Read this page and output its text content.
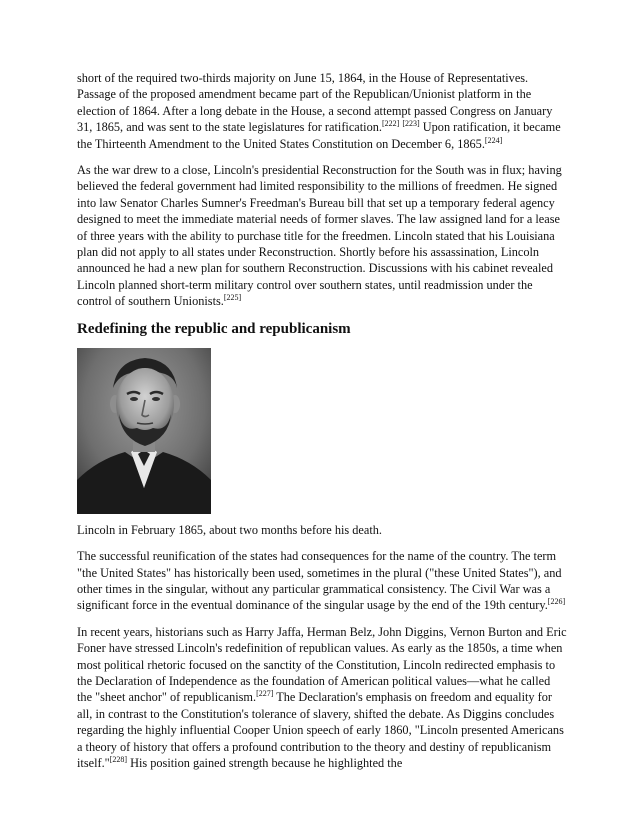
short of the required two-thirds majority on June 15, 1864, in the House of Representatives. Passage of the proposed amendment became part of the Republican/Unionist platform in the election of 1864. After a long debate in the House, a second attempt passed Congress on January 31, 1865, and was sent to the state legislatures for ratification.[222] [223] Upon ratification, it became the Thirteenth Amendment to the United States Constitution on December 6, 1865.[224]

As the war drew to a close, Lincoln's presidential Reconstruction for the South was in flux; having believed the federal government had limited responsibility to the millions of freedmen. He signed into law Senator Charles Sumner's Freedman's Bureau bill that set up a temporary federal agency designed to meet the immediate material needs of former slaves. The law assigned land for a lease of three years with the ability to purchase title for the freedmen. Lincoln stated that his Louisiana plan did not apply to all states under Reconstruction. Shortly before his assassination, Lincoln announced he had a new plan for southern Reconstruction. Discussions with his cabinet revealed Lincoln planned short-term military control over southern states, until readmission under the control of southern Unionists.[225]

Redefining the republic and republicanism

Lincoln in February 1865, about two months before his death.

The successful reunification of the states had consequences for the name of the country. The term "the United States" has historically been used, sometimes in the plural ("these United States"), and other times in the singular, without any particular grammatical consistency. The Civil War was a significant force in the eventual dominance of the singular usage by the end of the 19th century.[226]

In recent years, historians such as Harry Jaffa, Herman Belz, John Diggins, Vernon Burton and Eric Foner have stressed Lincoln's redefinition of republican values. As early as the 1850s, a time when most political rhetoric focused on the sanctity of the Constitution, Lincoln redirected emphasis to the Declaration of Independence as the foundation of American political values—what he called the "sheet anchor" of republicanism.[227] The Declaration's emphasis on freedom and equality for all, in contrast to the Constitution's tolerance of slavery, shifted the debate. As Diggins concludes regarding the highly influential Cooper Union speech of early 1860, "Lincoln presented Americans a theory of history that offers a profound contribution to the theory and destiny of republicanism itself."[228] His position gained strength because he highlighted the
